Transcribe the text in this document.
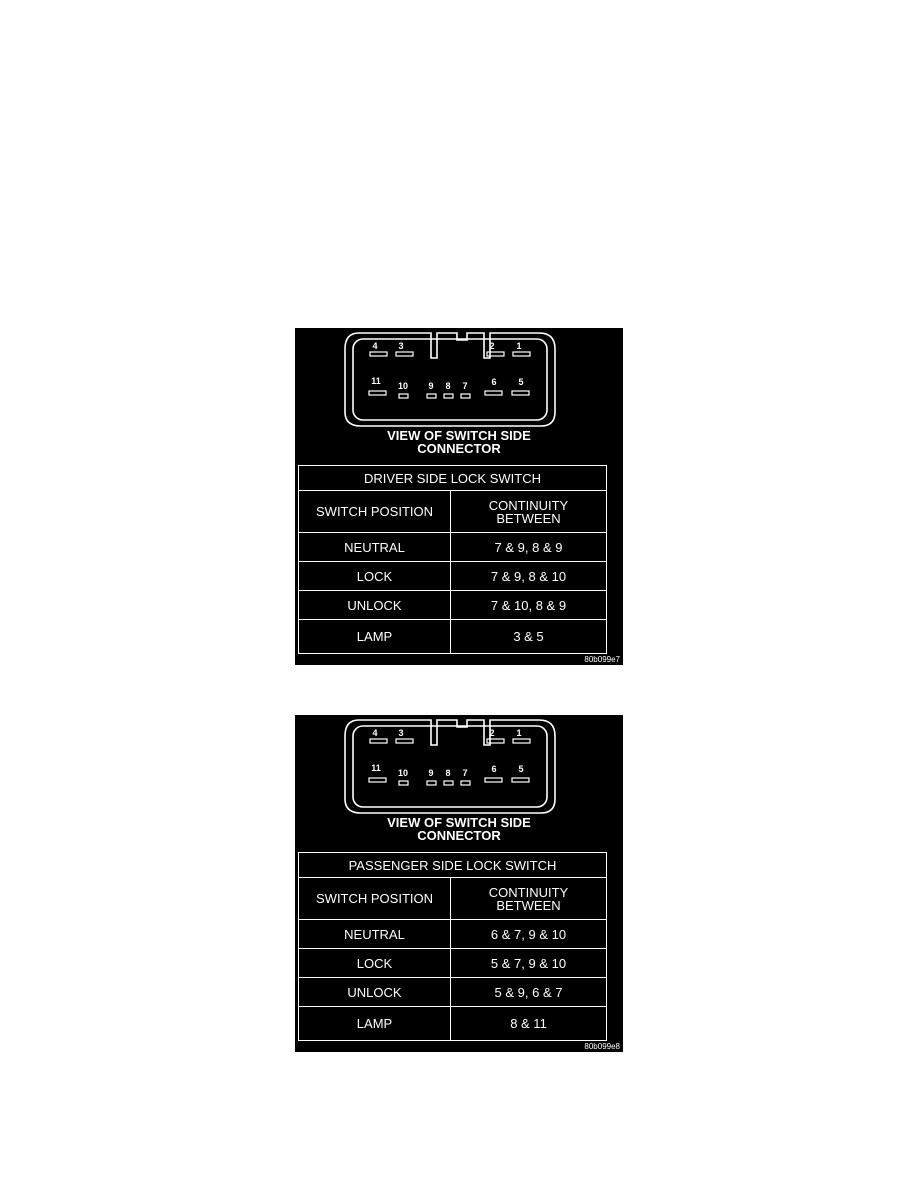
4 3	2 1
11 10 9 8 7	6 5
VIEW OF SWITCH SIDE
CONNECTOR
DRIVER SIDE LOCK SWITCH
SWITCH POSITION	CONTINUITY
BETWEEN
NEUTRAL	7 & 9, 8 & 9
LOCK	7 & 9, 8 & 10
UNLOCK	7 & 10, 8 & 9
LAMP	3 & 5
80b099e7
4 3	2 1
11 10 9 8 7	6 5
VIEW OF SWITCH SIDE
CONNECTOR
PASSENGER SIDE LOCK SWITCH
SWITCH POSITION	CONTINUITY
BETWEEN
NEUTRAL	6 & 7, 9 & 10
LOCK	5 & 7, 9 & 10
UNLOCK	5 & 9, 6 & 7
LAMP	8 & 11
80b099e8
